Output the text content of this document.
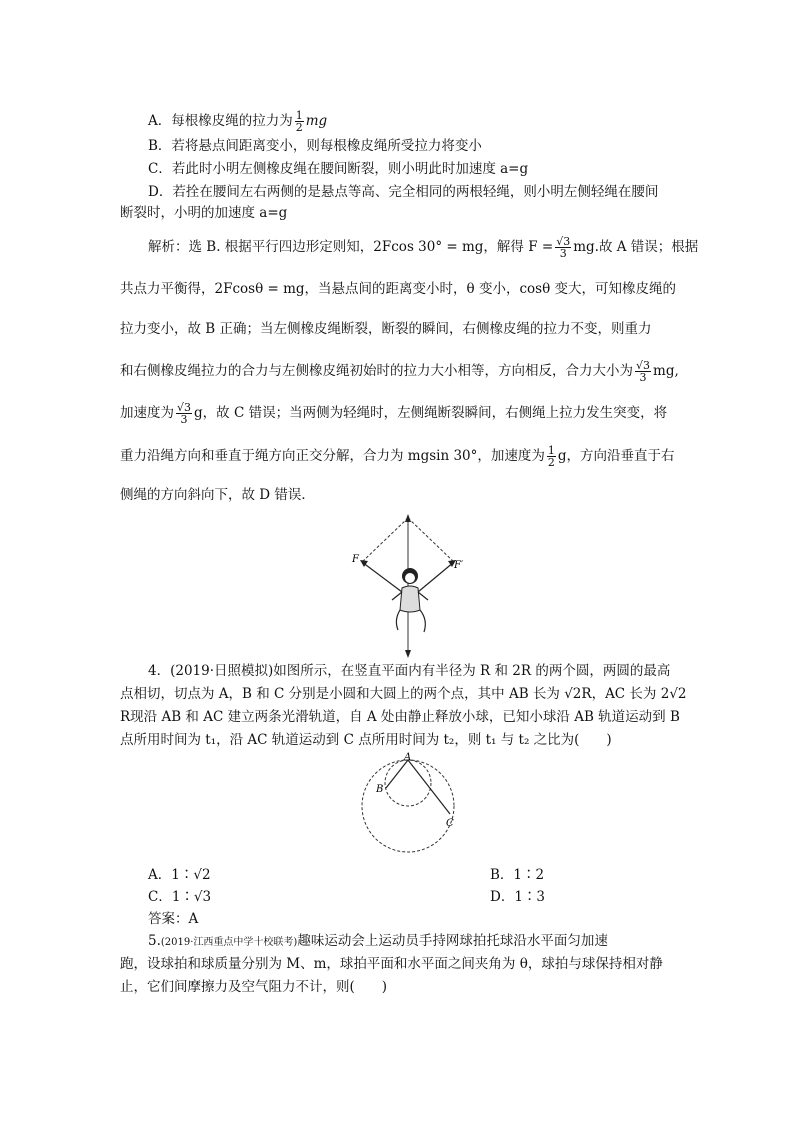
A．每根橡皮绳的拉力为 $\frac{1}{2}$ mg
B．若将悬点间距离变小，则每根橡皮绳所受拉力将变小
C．若此时小明左侧橡皮绳在腰间断裂，则小明此时加速度 a=g
D．若拴在腰间左右两侧的是悬点等高、完全相同的两根轻绳，则小明左侧轻绳在腰间
断裂时，小明的加速度 a=g
解析：选 B. 根据平行四边形定则知，2Fcos 30° = mg，解得 $F = \frac{√3}{3}$ mg.故 A 错误；根据
共点力平衡得，2Fcosθ = mg，当悬点间的距离变小时，θ 变小，cosθ 变大，可知橡皮绳的
拉力变小，故 B 正确；当左侧橡皮绳断裂，断裂的瞬间，右侧橡皮绳的拉力不变，则重力
和右侧橡皮绳拉力的合力与左侧橡皮绳初始时的拉力大小相等，方向相反，合力大小为 $\frac{√3}{3}$ mg,
加速度为 $\frac{√3}{3}$ g，故 C 错误；当两侧为轻绳时，左侧绳断裂瞬间，右侧绳上拉力发生突变，将
重力沿绳方向和垂直于绳方向正交分解，合力为 mgsin 30°，加速度为 $\frac{1}{2}$ g，方向沿垂直于右
侧绳的方向斜向下，故 D 错误．
F
F′
4．(2019·日照模拟)如图所示，在竖直平面内有半径为 R 和 2R 的两个圆，两圆的最高
点相切，切点为 A，B 和 C 分别是小圆和大圆上的两个点，其中 AB 长为 √2R，AC 长为 2√2
R现沿 AB 和 AC 建立两条光滑轨道，自 A 处由静止释放小球，已知小球沿 AB 轨道运动到 B
点所用时间为 t₁，沿 AC 轨道运动到 C 点所用时间为 t₂，则 t₁ 与 t₂ 之比为(　　)
A
B
C
A．1∶√2	B．1∶2
C．1∶√3	D．1∶3
答案：A
5.(2019·江西重点中学十校联考)趣味运动会上运动员手持网球拍托球沿水平面匀加速
跑，设球拍和球质量分别为 M、m，球拍平面和水平面之间夹角为 θ，球拍与球保持相对静
止，它们间摩擦力及空气阻力不计，则(　　)
